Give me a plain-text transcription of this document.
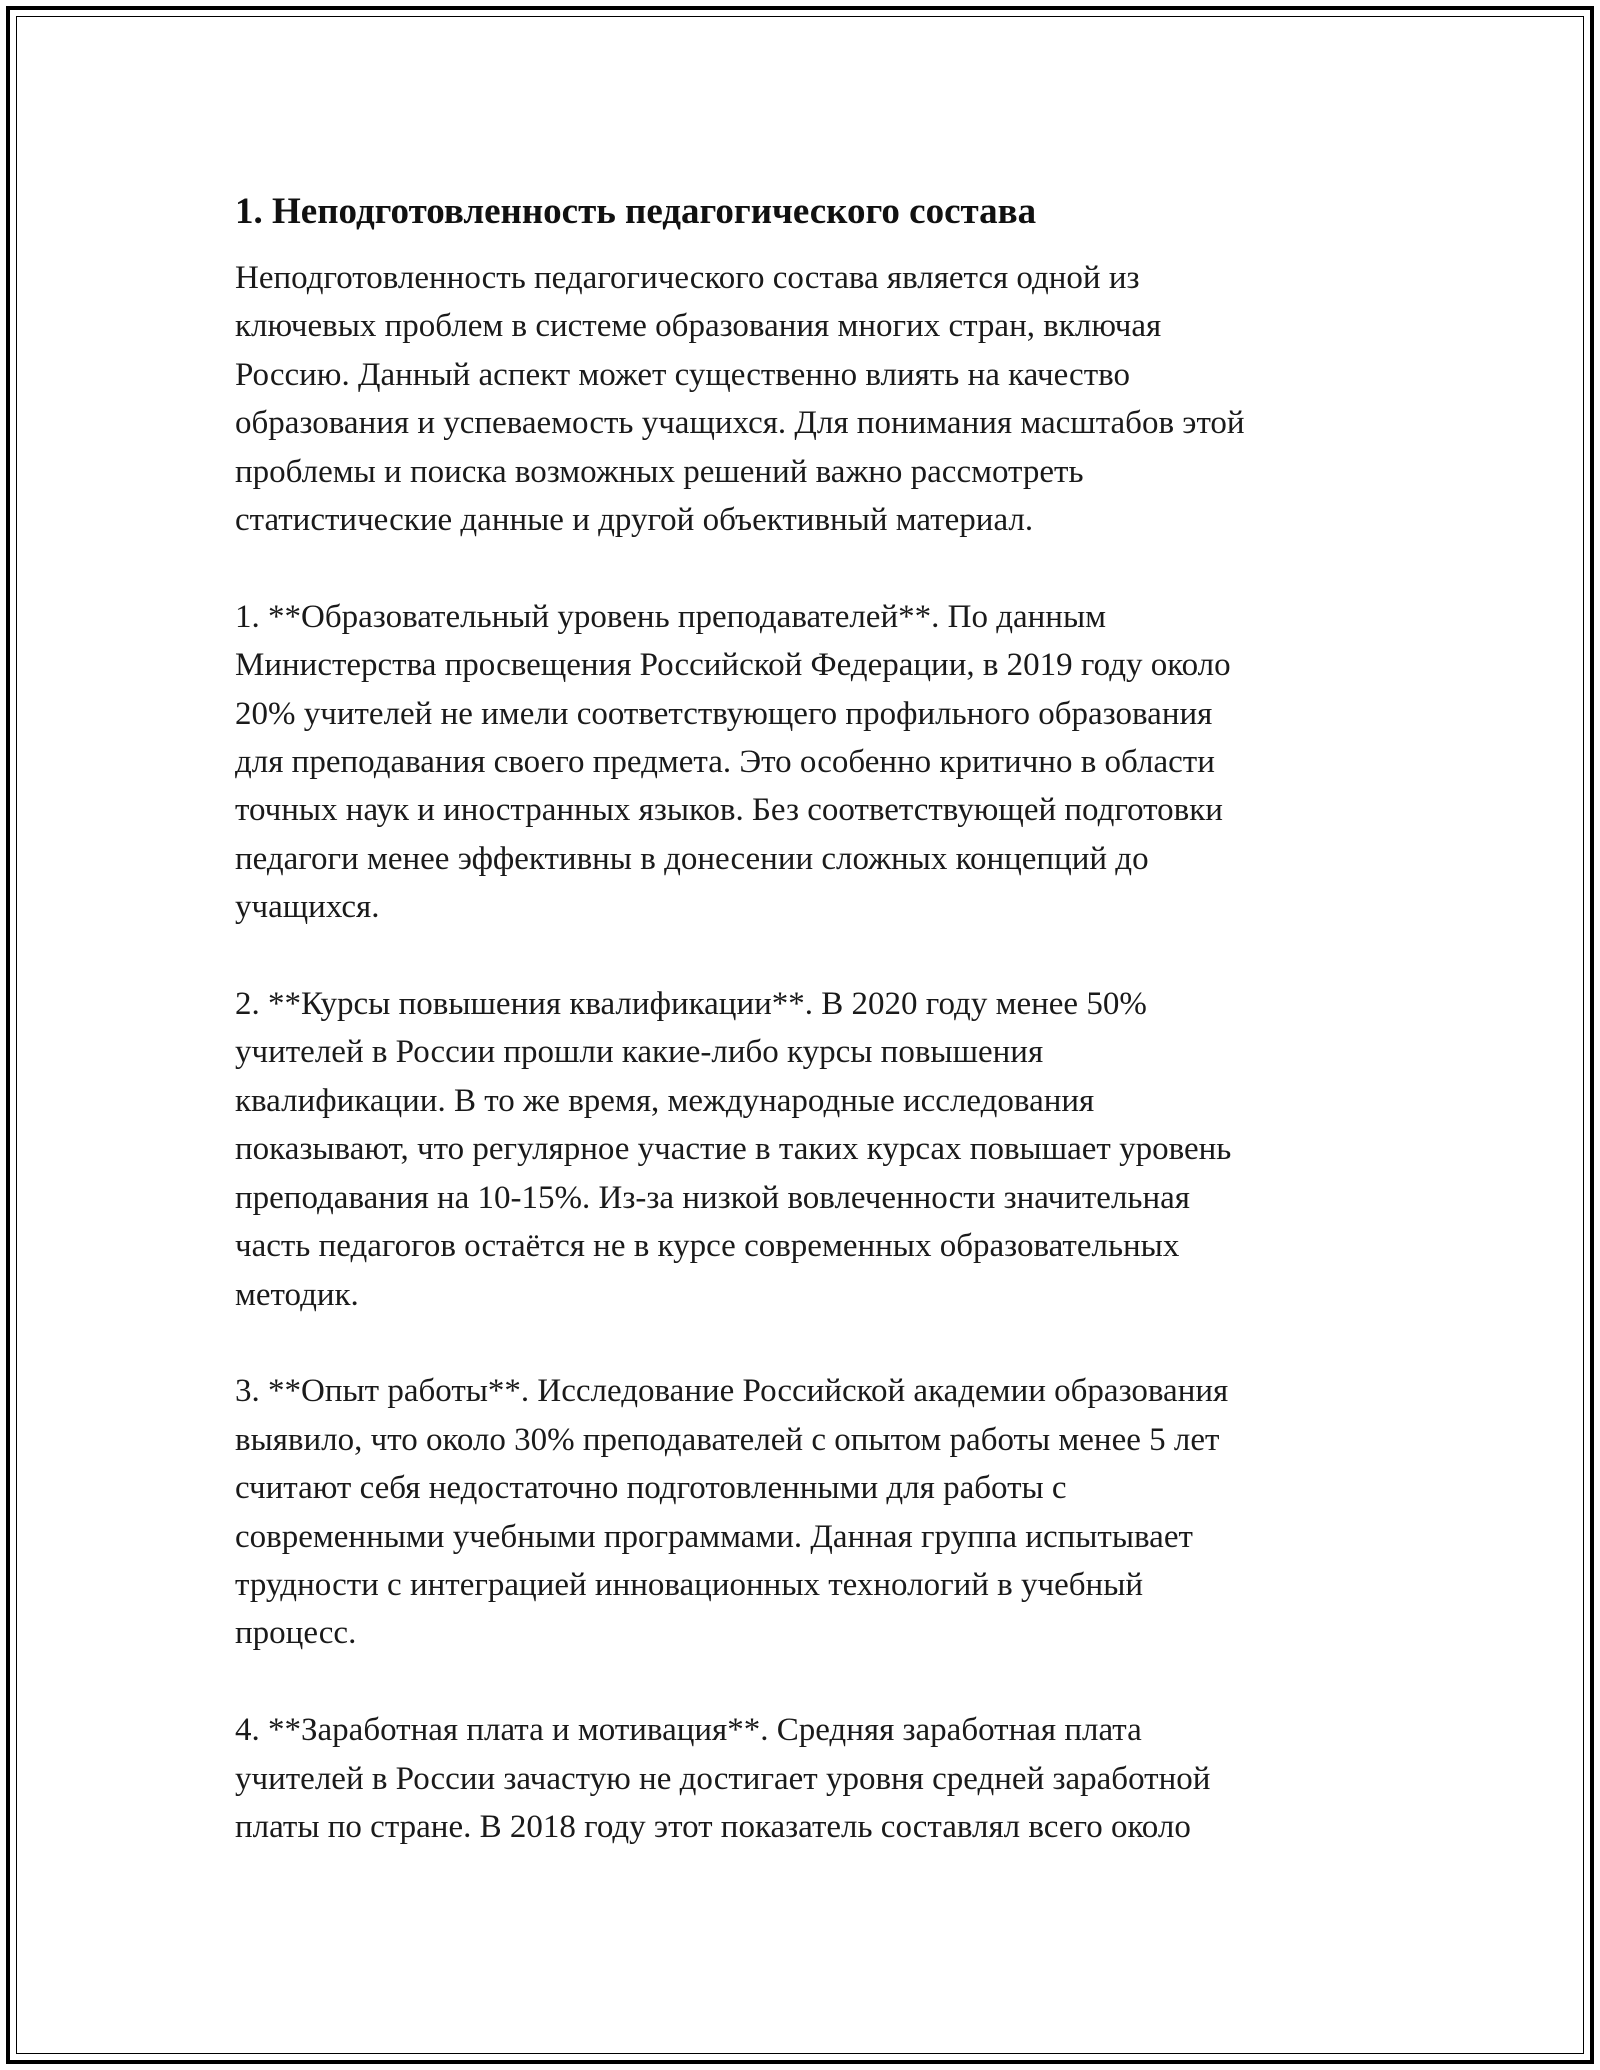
1. Неподготовленность педагогического состава

Неподготовленность педагогического состава является одной из
ключевых проблем в системе образования многих стран, включая
Россию. Данный аспект может существенно влиять на качество
образования и успеваемость учащихся. Для понимания масштабов этой
проблемы и поиска возможных решений важно рассмотреть
статистические данные и другой объективный материал.

1. **Образовательный уровень преподавателей**. По данным
Министерства просвещения Российской Федерации, в 2019 году около
20% учителей не имели соответствующего профильного образования
для преподавания своего предмета. Это особенно критично в области
точных наук и иностранных языков. Без соответствующей подготовки
педагоги менее эффективны в донесении сложных концепций до
учащихся.

2. **Курсы повышения квалификации**. В 2020 году менее 50%
учителей в России прошли какие-либо курсы повышения
квалификации. В то же время, международные исследования
показывают, что регулярное участие в таких курсах повышает уровень
преподавания на 10-15%. Из-за низкой вовлеченности значительная
часть педагогов остаётся не в курсе современных образовательных
методик.

3. **Опыт работы**. Исследование Российской академии образования
выявило, что около 30% преподавателей с опытом работы менее 5 лет
считают себя недостаточно подготовленными для работы с
современными учебными программами. Данная группа испытывает
трудности с интеграцией инновационных технологий в учебный
процесс.

4. **Заработная плата и мотивация**. Средняя заработная плата
учителей в России зачастую не достигает уровня средней заработной
платы по стране. В 2018 году этот показатель составлял всего около
